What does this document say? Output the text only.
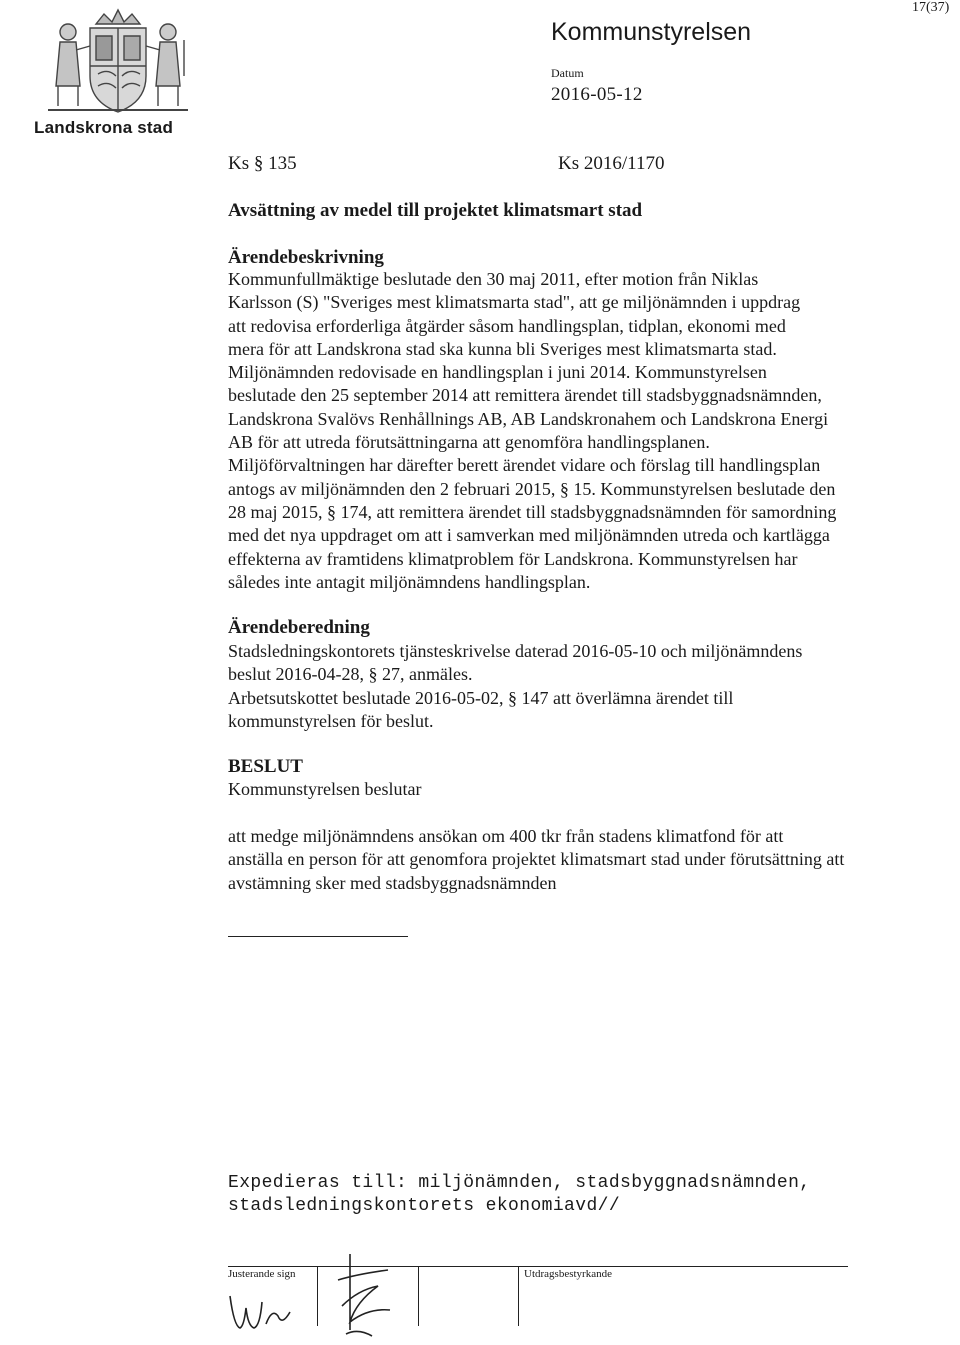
Landskrona stad
Kommunstyrelsen
17(37)
Datum
2016-05-12
Ks § 135	Ks 2016/1170
Avsättning av medel till projektet klimatsmart stad
Ärendebeskrivning
Kommunfullmäktige beslutade den 30 maj 2011, efter motion från Niklas
Karlsson (S) "Sveriges mest klimatsmarta stad", att ge miljönämnden i uppdrag
att redovisa erforderliga åtgärder såsom handlingsplan, tidplan, ekonomi med
mera för att Landskrona stad ska kunna bli Sveriges mest klimatsmarta stad.
Miljönämnden redovisade en handlingsplan i juni 2014. Kommunstyrelsen
beslutade den 25 september 2014 att remittera ärendet till stadsbyggnadsnämnden,
Landskrona Svalövs Renhållnings AB, AB Landskronahem och Landskrona Energi
AB för att utreda förutsättningarna att genomföra handlingsplanen.
Miljöförvaltningen har därefter berett ärendet vidare och förslag till handlingsplan
antogs av miljönämnden den 2 februari 2015, § 15. Kommunstyrelsen beslutade den
28 maj 2015, § 174, att remittera ärendet till stadsbyggnadsnämnden för samordning
med det nya uppdraget om att i samverkan med miljönämnden utreda och kartlägga
effekterna av framtidens klimatproblem för Landskrona. Kommunstyrelsen har
således inte antagit miljönämndens handlingsplan.
Ärendeberedning
Stadsledningskontorets tjänsteskrivelse daterad 2016-05-10 och miljönämndens
beslut 2016-04-28, § 27, anmäles.
Arbetsutskottet beslutade 2016-05-02, § 147 att överlämna ärendet till
kommunstyrelsen för beslut.
BESLUT
Kommunstyrelsen beslutar
att medge miljönämndens ansökan om 400 tkr från stadens klimatfond för att
anställa en person för att genomfora projektet klimatsmart stad under förutsättning att
avstämning sker med stadsbyggnadsnämnden
Expedieras till: miljönämnden, stadsbyggnadsnämnden,
stadsledningskontorets ekonomiavd//
Justerande sign	Utdragsbestyrkande
